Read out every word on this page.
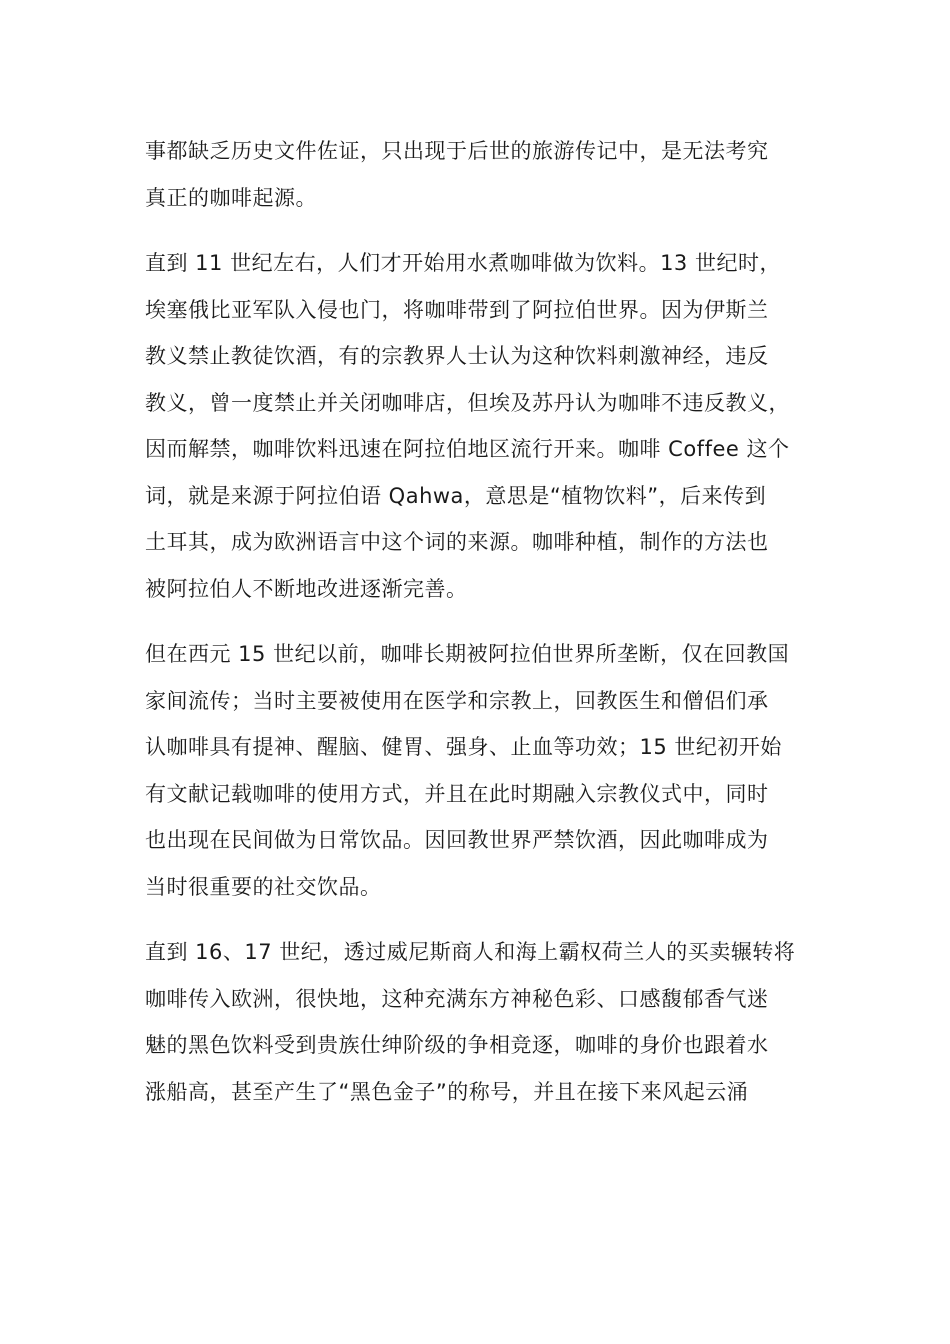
事都缺乏历史文件佐证，只出现于后世的旅游传记中，是无法考究
真正的咖啡起源。

直到 11 世纪左右，人们才开始用水煮咖啡做为饮料。13 世纪时，
埃塞俄比亚军队入侵也门，将咖啡带到了阿拉伯世界。因为伊斯兰
教义禁止教徒饮酒，有的宗教界人士认为这种饮料刺激神经，违反
教义，曾一度禁止并关闭咖啡店，但埃及苏丹认为咖啡不违反教义，
因而解禁，咖啡饮料迅速在阿拉伯地区流行开来。咖啡 Coffee 这个
词，就是来源于阿拉伯语 Qahwa，意思是“植物饮料”，后来传到
土耳其，成为欧洲语言中这个词的来源。咖啡种植，制作的方法也
被阿拉伯人不断地改进逐渐完善。

但在西元 15 世纪以前，咖啡长期被阿拉伯世界所垄断，仅在回教国
家间流传；当时主要被使用在医学和宗教上，回教医生和僧侣们承
认咖啡具有提神、醒脑、健胃、强身、止血等功效；15 世纪初开始
有文献记载咖啡的使用方式，并且在此时期融入宗教仪式中，同时
也出现在民间做为日常饮品。因回教世界严禁饮酒，因此咖啡成为
当时很重要的社交饮品。

直到 16、17 世纪，透过威尼斯商人和海上霸权荷兰人的买卖辗转将
咖啡传入欧洲，很快地，这种充满东方神秘色彩、口感馥郁香气迷
魅的黑色饮料受到贵族仕绅阶级的争相竞逐，咖啡的身价也跟着水
涨船高，甚至产生了“黑色金子”的称号，并且在接下来风起云涌
